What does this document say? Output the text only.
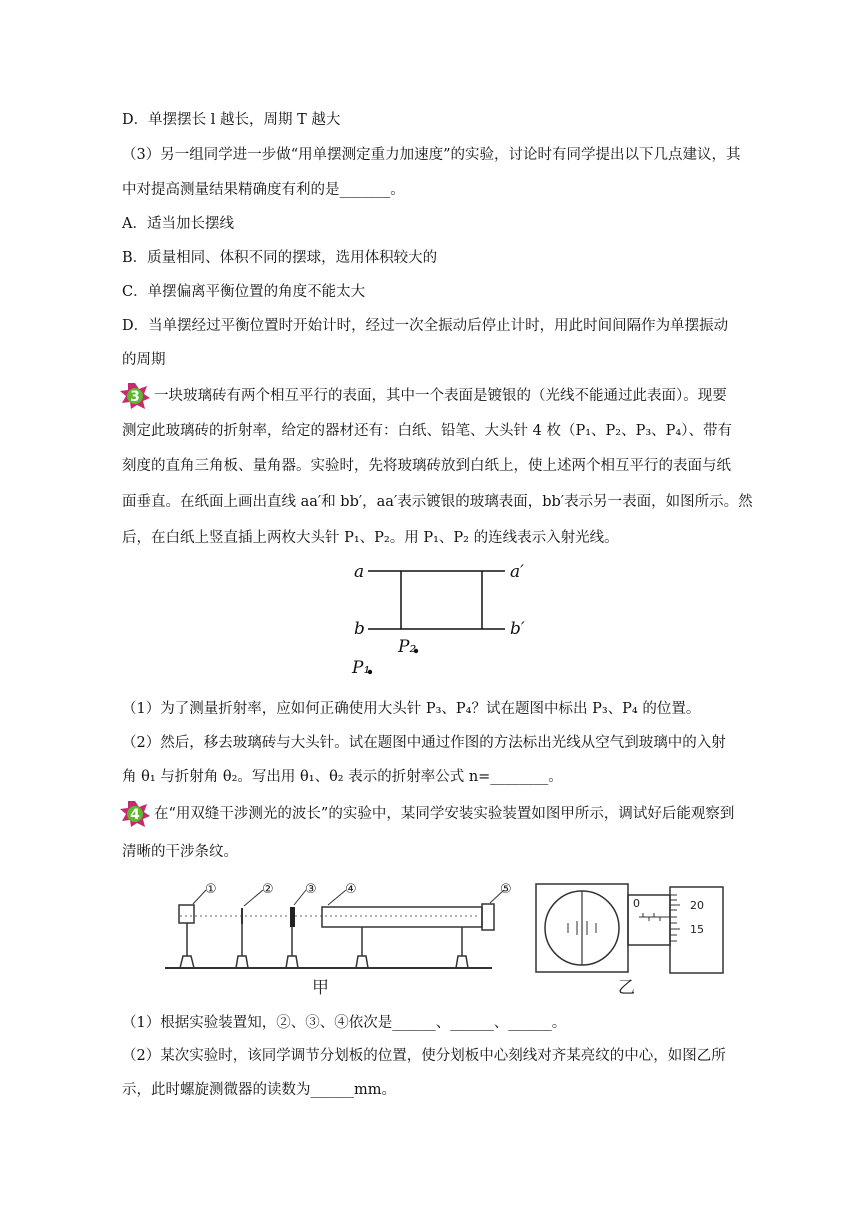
D．单摆摆长 l 越长，周期 T 越大
（3）另一组同学进一步做“用单摆测定重力加速度”的实验，讨论时有同学提出以下几点建议，其
中对提高测量结果精确度有利的是_______。
A．适当加长摆线
B．质量相同、体积不同的摆球，选用体积较大的
C．单摆偏离平衡位置的角度不能太大
D．当单摆经过平衡位置时开始计时，经过一次全振动后停止计时，用此时间间隔作为单摆振动
的周期
3 一块玻璃砖有两个相互平行的表面，其中一个表面是镀银的（光线不能通过此表面）。现要
测定此玻璃砖的折射率，给定的器材还有：白纸、铅笔、大头针 4 枚（P₁、P₂、P₃、P₄）、带有
刻度的直角三角板、量角器。实验时，先将玻璃砖放到白纸上，使上述两个相互平行的表面与纸
面垂直。在纸面上画出直线 aa′和 bb′，aa′表示镀银的玻璃表面，bb′表示另一表面，如图所示。然
后，在白纸上竖直插上两枚大头针 P₁、P₂。用 P₁、P₂ 的连线表示入射光线。
a	a′
b	b′
P₂
P₁
（1）为了测量折射率，应如何正确使用大头针 P₃、P₄？试在题图中标出 P₃、P₄ 的位置。
（2）然后，移去玻璃砖与大头针。试在题图中通过作图的方法标出光线从空气到玻璃中的入射
角 θ₁ 与折射角 θ₂。写出用 θ₁、θ₂ 表示的折射率公式 n=________。
4 在“用双缝干涉测光的波长”的实验中，某同学安装实验装置如图甲所示，调试好后能观察到
清晰的干涉条纹。
①	② ③ ④	⑤
甲
0	20
15
乙
（1）根据实验装置知，②、③、④依次是______、______、______。
（2）某次实验时，该同学调节分划板的位置，使分划板中心刻线对齐某亮纹的中心，如图乙所
示，此时螺旋测微器的读数为______mm。
